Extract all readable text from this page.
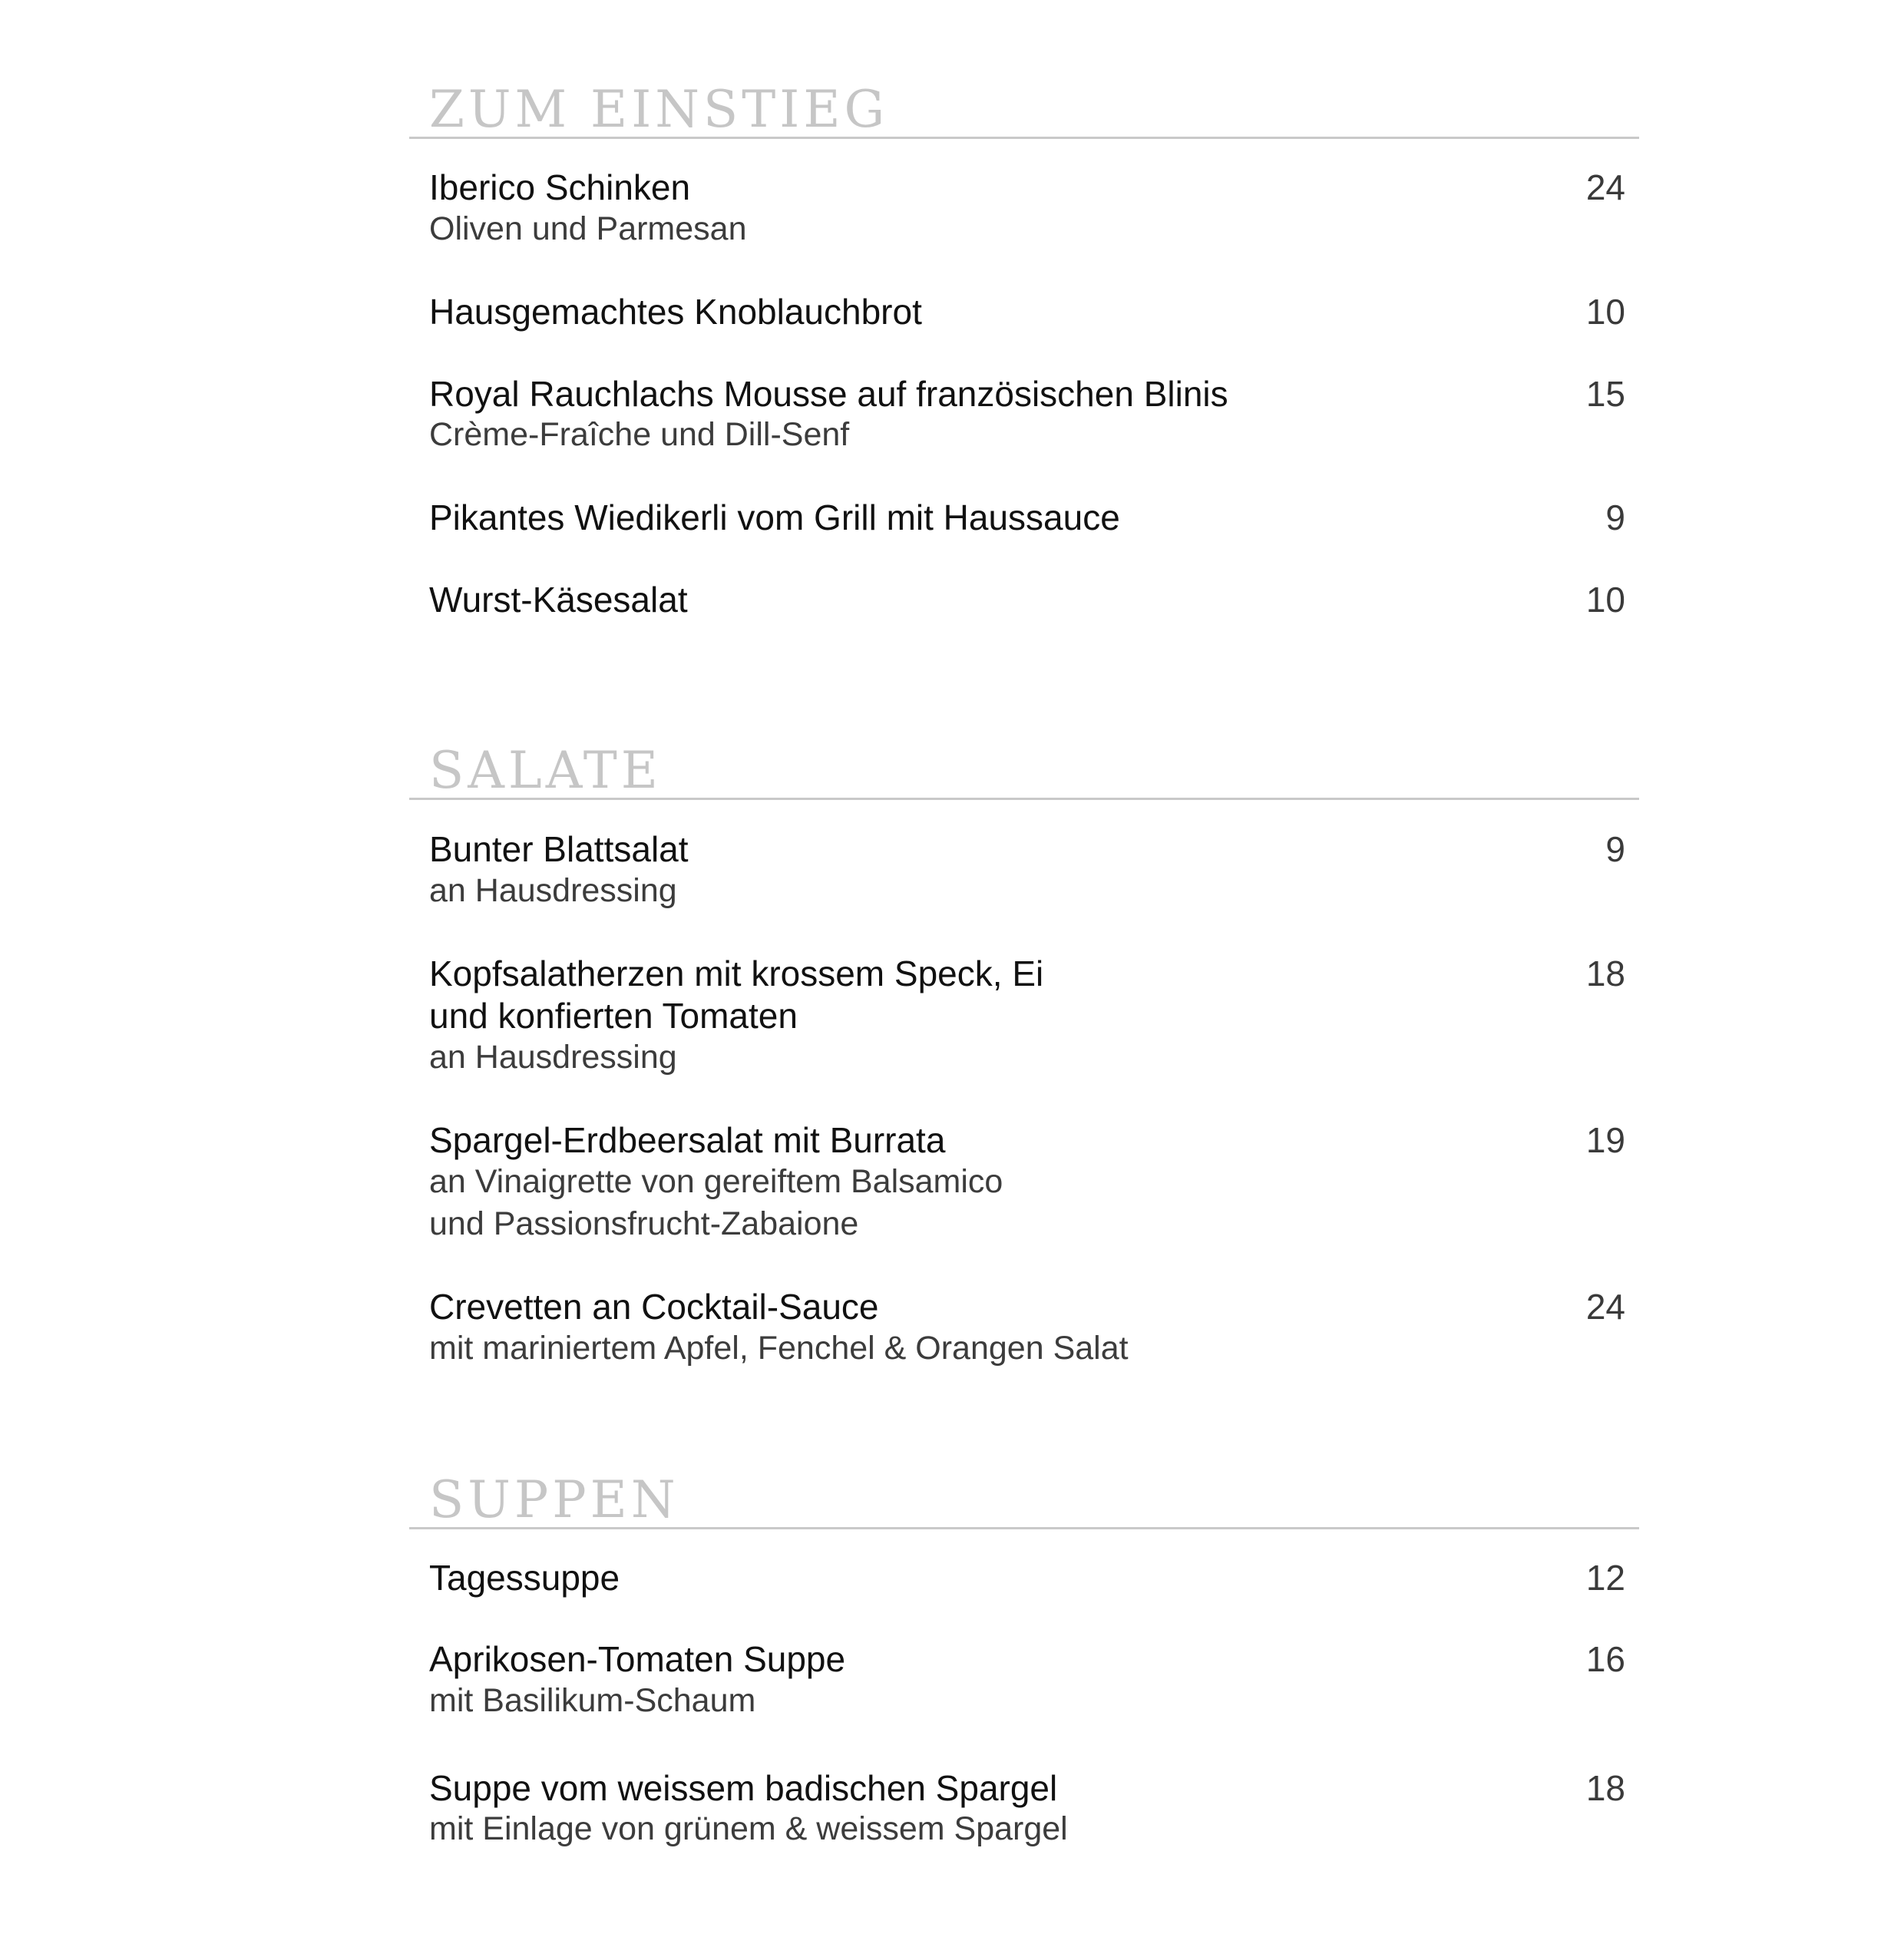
ZUM EINSTIEG

Iberico Schinken	24

Oliven und Parmesan

Hausgemachtes Knoblauchbrot	10

Royal Rauchlachs Mousse auf französischen Blinis	15

Crème-Fraîche und Dill-Senf

Pikantes Wiedikerli vom Grill mit Haussauce	9

Wurst-Käsesalat	10

SALATE

Bunter Blattsalat	9

an Hausdressing

Kopfsalatherzen mit krossem Speck, Ei	18

und konfierten Tomaten

an Hausdressing

Spargel-Erdbeersalat mit Burrata	19

an Vinaigrette von gereiftem Balsamico

und Passionsfrucht-Zabaione

Crevetten an Cocktail-Sauce	24

mit mariniertem Apfel, Fenchel & Orangen Salat

SUPPEN

Tagessuppe	12

Aprikosen-Tomaten Suppe	16

mit Basilikum-Schaum

Suppe vom weissem badischen Spargel	18

mit Einlage von grünem & weissem Spargel
